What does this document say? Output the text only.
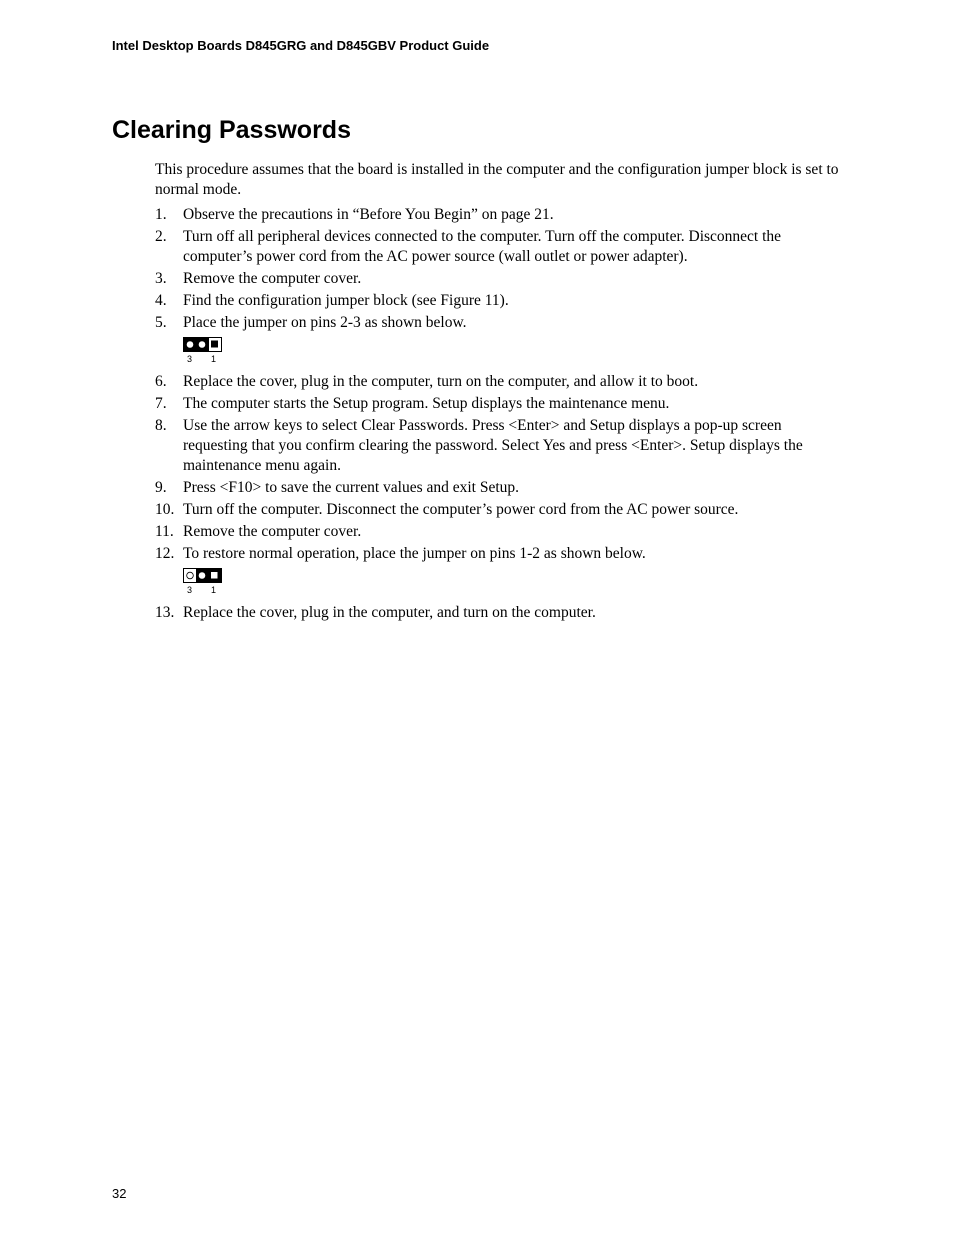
Intel Desktop Boards D845GRG and D845GBV Product Guide
Clearing Passwords

This procedure assumes that the board is installed in the computer and the configuration jumper block is set to normal mode.

1.	Observe the precautions in “Before You Begin” on page 21.
2.	Turn off all peripheral devices connected to the computer. Turn off the computer. Disconnect the computer’s power cord from the AC power source (wall outlet or power adapter).
3.	Remove the computer cover.
4.	Find the configuration jumper block (see Figure 11).
5.	Place the jumper on pins 2-3 as shown below.
3 1
6.	Replace the cover, plug in the computer, turn on the computer, and allow it to boot.
7.	The computer starts the Setup program. Setup displays the maintenance menu.
8.	Use the arrow keys to select Clear Passwords. Press <Enter> and Setup displays a pop-up screen requesting that you confirm clearing the password. Select Yes and press <Enter>. Setup displays the maintenance menu again.
9.	Press <F10> to save the current values and exit Setup.
10. Turn off the computer. Disconnect the computer’s power cord from the AC power source.
11. Remove the computer cover.
12. To restore normal operation, place the jumper on pins 1-2 as shown below.
3 1
13. Replace the cover, plug in the computer, and turn on the computer.
32
